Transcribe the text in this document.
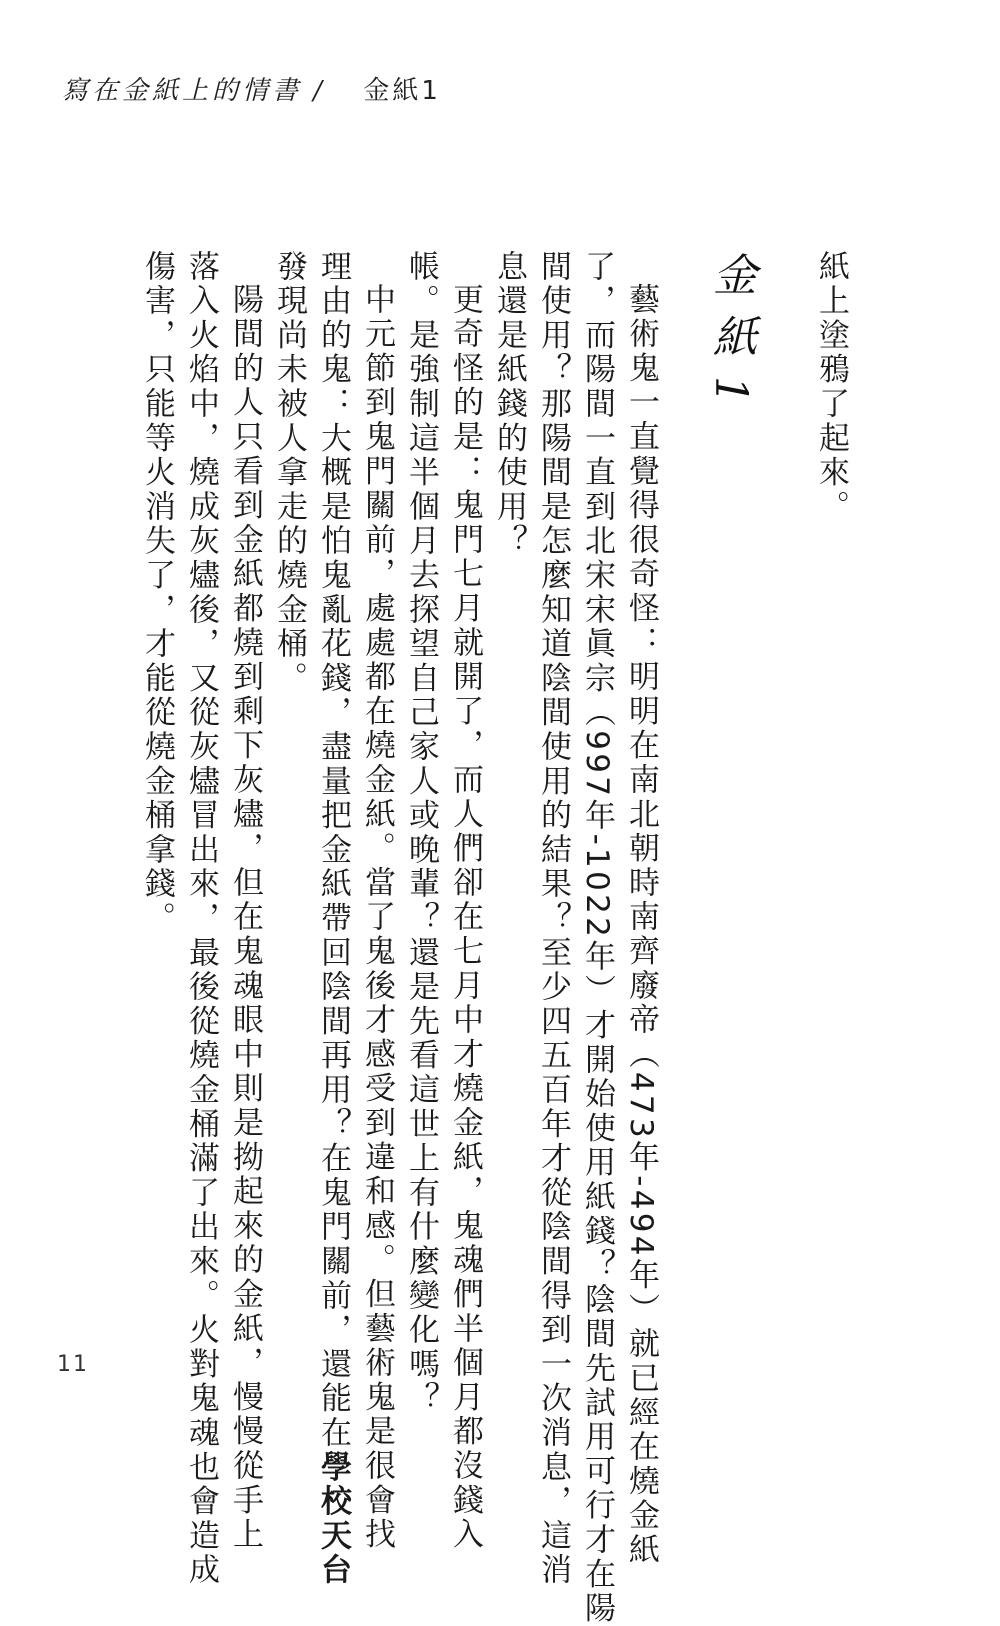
寫在金紙上的情書 / 金紙1
紙上塗鴉了起來。
金紙1
藝術鬼一直覺得很奇怪：明明在南北朝時南齊廢帝（473年-494年）就已經在燒金紙
了，而陽間一直到北宋宋眞宗（997年-1022年）才開始使用紙錢？陰間先試用可行才在陽
間使用？那陽間是怎麼知道陰間使用的結果？至少四五百年才從陰間得到一次消息，這消
息還是紙錢的使用？
更奇怪的是：鬼門七月就開了，而人們卻在七月中才燒金紙，鬼魂們半個月都沒錢入
帳。是強制這半個月去探望自己家人或晚輩？還是先看這世上有什麼變化嗎？
中元節到鬼門關前，處處都在燒金紙。當了鬼後才感受到違和感。但藝術鬼是很會找
理由的鬼：大概是怕鬼亂花錢，盡量把金紙帶回陰間再用？在鬼門關前，還能在學校天台
發現尚未被人拿走的燒金桶。
陽間的人只看到金紙都燒到剩下灰燼，但在鬼魂眼中則是拗起來的金紙，慢慢從手上
落入火焰中，燒成灰燼後，又從灰燼冒出來，最後從燒金桶滿了出來。火對鬼魂也會造成
傷害，只能等火消失了，才能從燒金桶拿錢。
11
